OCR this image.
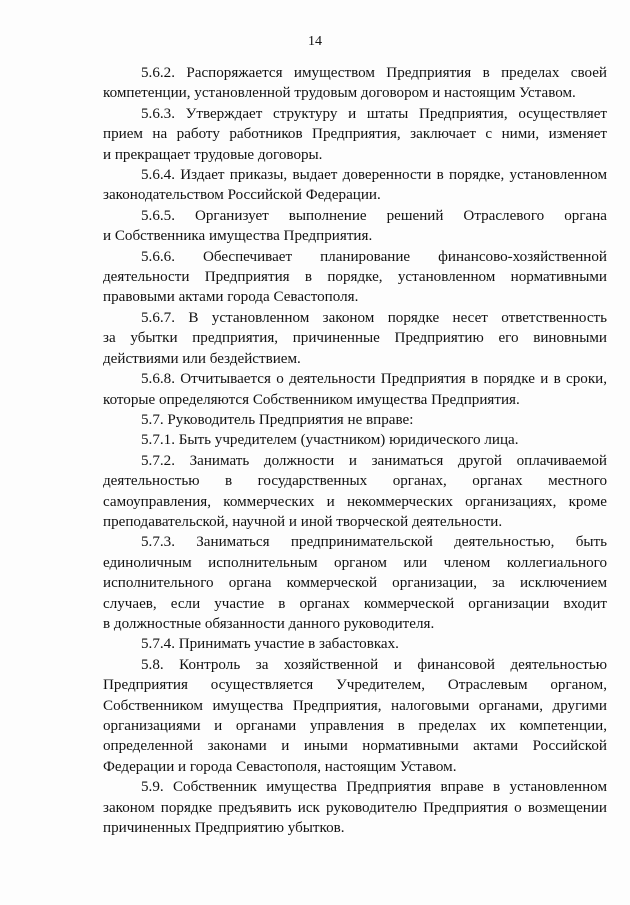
14
5.6.2. Распоряжается имуществом Предприятия в пределах своей
компетенции, установленной трудовым договором и настоящим Уставом.
5.6.3. Утверждает структуру и штаты Предприятия, осуществляет
прием на работу работников Предприятия, заключает с ними, изменяет
и прекращает трудовые договоры.
5.6.4. Издает приказы, выдает доверенности в порядке, установленном
законодательством Российской Федерации.
5.6.5. Организует выполнение решений Отраслевого органа
и Собственника имущества Предприятия.
5.6.6. Обеспечивает планирование финансово-хозяйственной
деятельности Предприятия в порядке, установленном нормативными
правовыми актами города Севастополя.
5.6.7. В установленном законом порядке несет ответственность
за убытки предприятия, причиненные Предприятию его виновными
действиями или бездействием.
5.6.8. Отчитывается о деятельности Предприятия в порядке и в сроки,
которые определяются Собственником имущества Предприятия.
5.7. Руководитель Предприятия не вправе:
5.7.1. Быть учредителем (участником) юридического лица.
5.7.2. Занимать должности и заниматься другой оплачиваемой
деятельностью в государственных органах, органах местного
самоуправления, коммерческих и некоммерческих организациях, кроме
преподавательской, научной и иной творческой деятельности.
5.7.3. Заниматься предпринимательской деятельностью, быть
единоличным исполнительным органом или членом коллегиального
исполнительного органа коммерческой организации, за исключением
случаев, если участие в органах коммерческой организации входит
в должностные обязанности данного руководителя.
5.7.4. Принимать участие в забастовках.
5.8. Контроль за хозяйственной и финансовой деятельностью
Предприятия осуществляется Учредителем, Отраслевым органом,
Собственником имущества Предприятия, налоговыми органами, другими
организациями и органами управления в пределах их компетенции,
определенной законами и иными нормативными актами Российской
Федерации и города Севастополя, настоящим Уставом.
5.9. Собственник имущества Предприятия вправе в установленном
законом порядке предъявить иск руководителю Предприятия о возмещении
причиненных Предприятию убытков.
